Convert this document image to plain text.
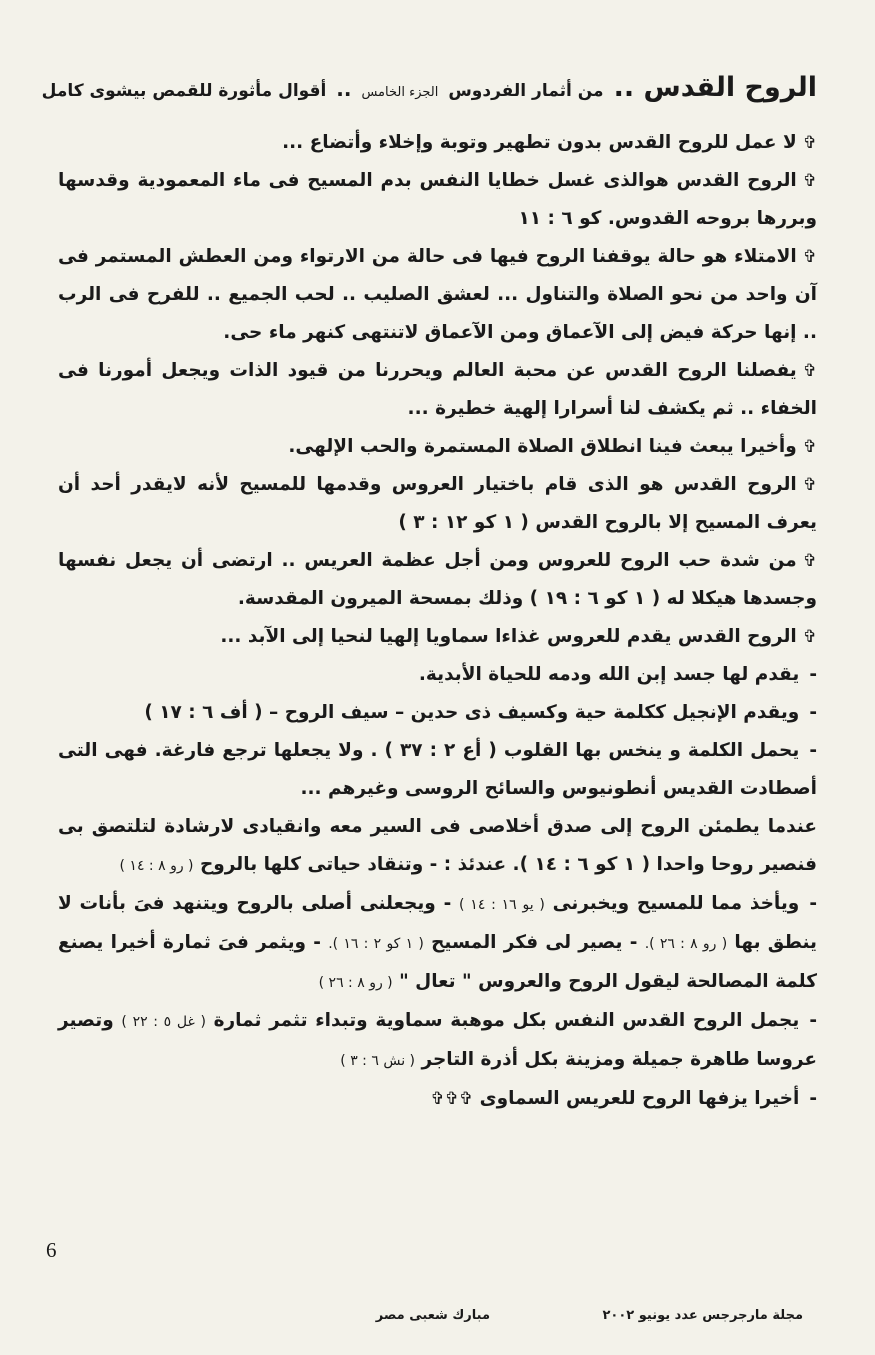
الروح القدس ..
من أثمار الفردوس
الجزء الخامس
..
أقوال مأثورة للقمص بيشوى كامل

✞لا عمل للروح القدس بدون تطهير وتوبة وإخلاء وأتضاع ...

✞الروح القدس هوالذى غسل خطايا النفس بدم المسيح فى ماء المعمودية وقدسها وبررها بروحه القدوس. كو ٦ : ١١

✞الامتلاء هو حالة يوقفنا الروح فيها فى حالة من الارتواء ومن العطش المستمر فى آن واحد من نحو الصلاة والتناول ... لعشق الصليب .. لحب الجميع .. للفرح فى الرب .. إنها حركة فيض إلى الآعماق ومن الآعماق لاتنتهى كنهر ماء حى.

✞يفصلنا الروح القدس عن محبة العالم ويحررنا من قيود الذات ويجعل أمورنا فى الخفاء .. ثم يكشف لنا أسرارا إلهية خطيرة ...

✞وأخيرا يبعث فينا انطلاق الصلاة المستمرة والحب الإلهى.

✞الروح القدس هو الذى قام باختيار العروس وقدمها للمسيح لأنه لايقدر أحد أن يعرف المسيح إلا بالروح القدس ( ١ كو ١٢ : ٣ )

✞من شدة حب الروح للعروس ومن أجل عظمة العريس .. ارتضى أن يجعل نفسها وجسدها هيكلا له ( ١ كو ٦ : ١٩ ) وذلك بمسحة الميرون المقدسة.

✞الروح القدس يقدم للعروس غذاءا سماويا إلهيا لنحيا إلى الآبد ...

-يقدم لها جسد إبن الله ودمه للحياة الأبدية.

-ويقدم الإنجيل ككلمة حية وكسيف ذى حدين – سيف الروح – ( أف ٦ : ١٧ )

-يحمل الكلمة و ينخس بها القلوب ( أع ٢ : ٣٧ ) . ولا يجعلها ترجع فارغة. فهى التى أصطادت القديس أنطونيوس والسائح الروسى وغيرهم ...

عندما يطمئن الروح إلى صدق أخلاصى فى السير معه وانقيادى لارشادة لتلتصق بى فنصير روحا واحدا ( ١ كو ٦ : ١٤ ). عندئذ : - وتنقاد حياتى كلها بالروح ( رو ٨ : ١٤ )

-ويأخذ مما للمسيح ويخبرنى ( يو ١٦ : ١٤ ) - ويجعلنى أصلى بالروح ويتنهد فىَ بأنات لا ينطق بها ( رو ٨ : ٢٦ ). - يصير لى فكر المسيح ( ١ كو ٢ : ١٦ ). - ويثمر فىَ ثمارة أخيرا يصنع كلمة المصالحة ليقول الروح والعروس " تعال " ( رو ٨ : ٢٦ )

-يجمل الروح القدس النفس بكل موهبة سماوية وتبداء تثمر ثمارة ( غل ٥ : ٢٢ ) وتصير عروسا طاهرة جميلة ومزينة بكل أذرة التاجر ( نش ٦ : ٣ )

-أخيرا يزفها الروح للعريس السماوى ✞✞✞

6
مجلة مارجرجس عدد يونيو ٢٠٠٢
مبارك شعبى مصر
